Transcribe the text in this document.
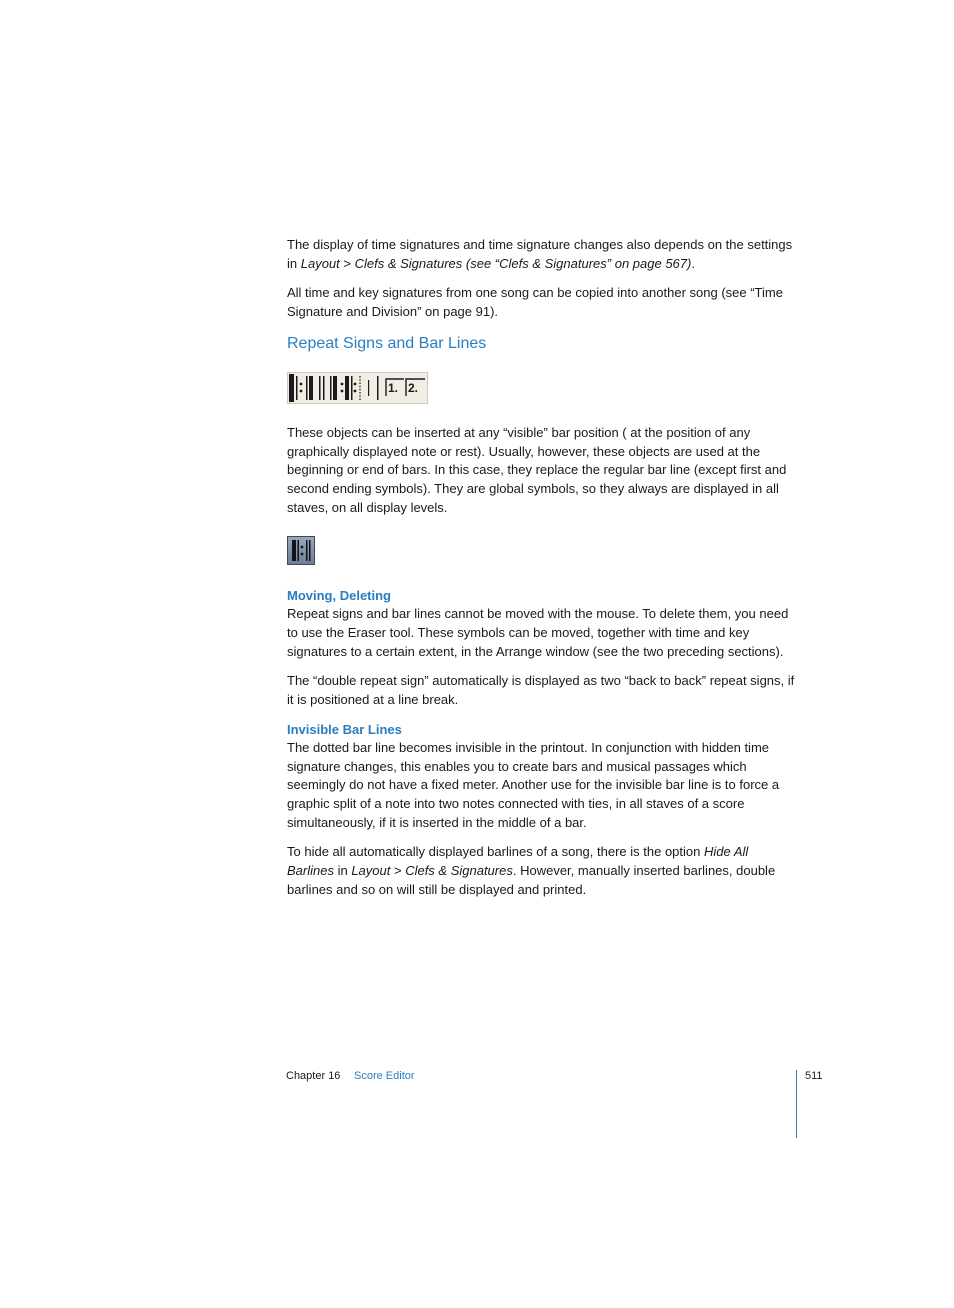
The display of time signatures and time signature changes also depends on the settings in Layout > Clefs & Signatures (see “Clefs & Signatures” on page 567).

All time and key signatures from one song can be copied into another song (see “Time Signature and Division” on page 91).

Repeat Signs and Bar Lines
1. 2.

These objects can be inserted at any “visible” bar position ( at the position of any graphically displayed note or rest). Usually, however, these objects are used at the beginning or end of bars. In this case, they replace the regular bar line (except first and second ending symbols). They are global symbols, so they always are displayed in all staves, on all display levels.

Moving, Deleting

Repeat signs and bar lines cannot be moved with the mouse. To delete them, you need to use the Eraser tool. These symbols can be moved, together with time and key signatures to a certain extent, in the Arrange window (see the two preceding sections).

The “double repeat sign” automatically is displayed as two “back to back” repeat signs, if it is positioned at a line break.

Invisible Bar Lines

The dotted bar line becomes invisible in the printout. In conjunction with hidden time signature changes, this enables you to create bars and musical passages which seemingly do not have a fixed meter. Another use for the invisible bar line is to force a graphic split of a note into two notes connected with ties, in all staves of a score simultaneously, if it is inserted in the middle of a bar.

To hide all automatically displayed barlines of a song, there is the option Hide All Barlines in Layout > Clefs & Signatures. However, manually inserted barlines, double barlines and so on will still be displayed and printed.

Chapter 16 Score Editor	511
